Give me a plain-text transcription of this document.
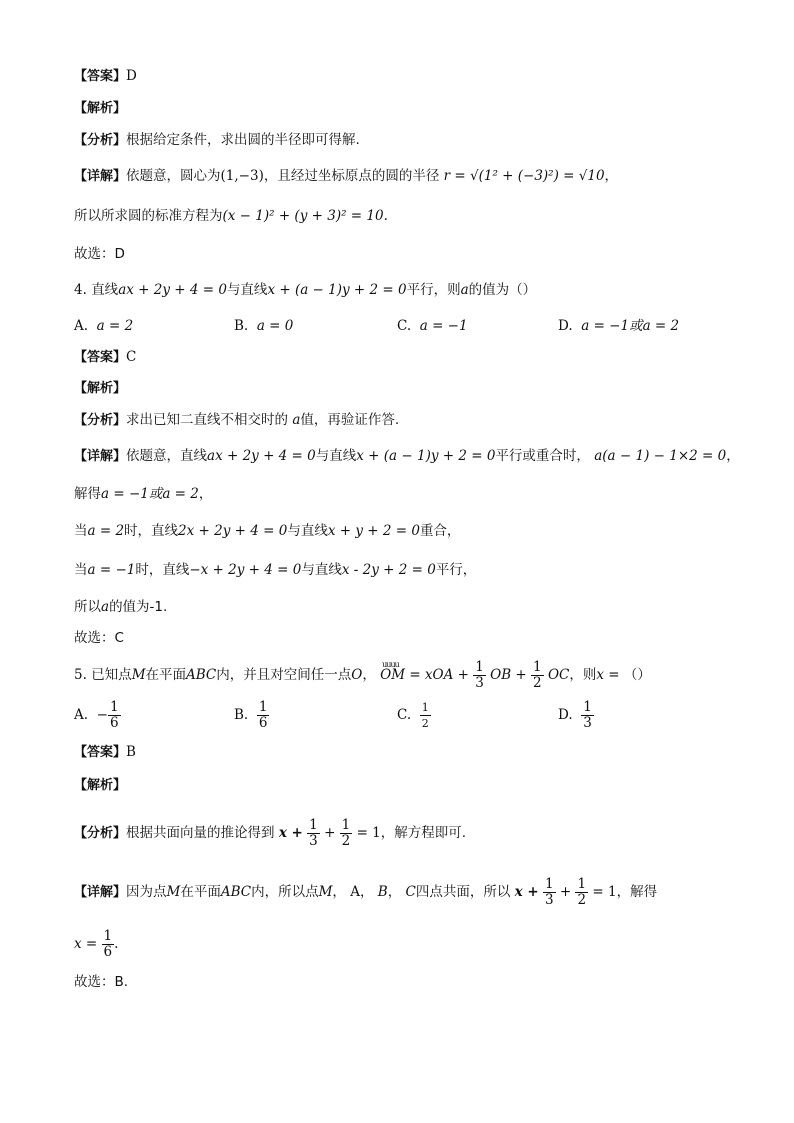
【答案】D
【解析】
【分析】根据给定条件，求出圆的半径即可得解.
【详解】依题意，圆心为(1,−3)，且经过坐标原点的圆的半径 r = √(1² + (−3)²) = √10，
所以所求圆的标准方程为(x − 1)² + (y + 3)² = 10.
故选：D
4. 直线ax + 2y + 4 = 0与直线x + (a − 1)y + 2 = 0平行，则a的值为（）
A. a = 2	B. a = 0	C. a = −1	D. a = −1或a = 2
【答案】C
【解析】
【分析】求出已知二直线不相交时的 a值，再验证作答.
【详解】依题意，直线ax + 2y + 4 = 0与直线x + (a − 1)y + 2 = 0平行或重合时， a(a − 1) − 1×2 = 0，
解得a = −1或a = 2，
当a = 2时，直线2x + 2y + 4 = 0与直线x + y + 2 = 0重合，
当a = −1时，直线−x + 2y + 4 = 0与直线x - 2y + 2 = 0平行，
所以a的值为-1.
故选：C
5. 已知点M在平面ABC内，并且对空间任一点O，
uuuu
OM = xOA + $\frac{1}{3}$ OB + $\frac{1}{2}$ OC，则x = （）
A. − $\frac{1}{6}$	B. $\frac{1}{6}$	C. $\frac{1}{2}$	D. $\frac{1}{3}$
【答案】B
【解析】
【分析】根据共面向量的推论得到 $x + \frac{1}{3} + \frac{1}{2} = 1$，解方程即可.
【详解】因为点M在平面ABC内，所以点M， A， B， C四点共面，所以 $x + \frac{1}{3} + \frac{1}{2} = 1$，解得
$x = \frac{1}{6}$ .
故选：B.
